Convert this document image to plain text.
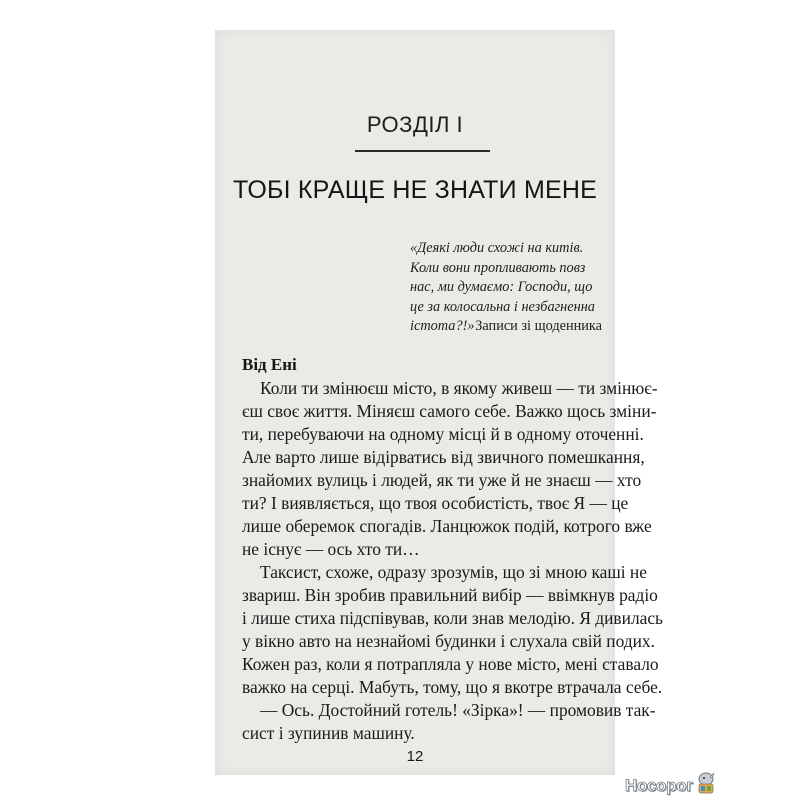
РОЗДІЛ І
ТОБІ КРАЩЕ НЕ ЗНАТИ МЕНЕ
«Деякі люди схожі на китів.
Коли вони пропливають повз
нас, ми думаємо: Господи, що
це за колосальна і незбагненна
істота?!» Записи зі щоденника
Від Ені
Коли ти змінюєш місто, в якому живеш — ти змінює-
єш своє життя. Міняєш самого себе. Важко щось зміни-
ти, перебуваючи на одному місці й в одному оточенні.
Але варто лише відірватись від звичного помешкання,
знайомих вулиць і людей, як ти уже й не знаєш — хто
ти? І виявляється, що твоя особистість, твоє Я — це
лише оберемок спогадів. Ланцюжок подій, котрого вже
не існує — ось хто ти…
Таксист, схоже, одразу зрозумів, що зі мною каші не
звариш. Він зробив правильний вибір — ввімкнув радіо
і лише стиха підспівував, коли знав мелодію. Я дивилась
у вікно авто на незнайомі будинки і слухала свій подих.
Кожен раз, коли я потрапляла у нове місто, мені ставало
важко на серці. Мабуть, тому, що я вкотре втрачала себе.
— Ось. Достойний готель! «Зірка»! — промовив так-
сист і зупинив машину.
12
Носорог
